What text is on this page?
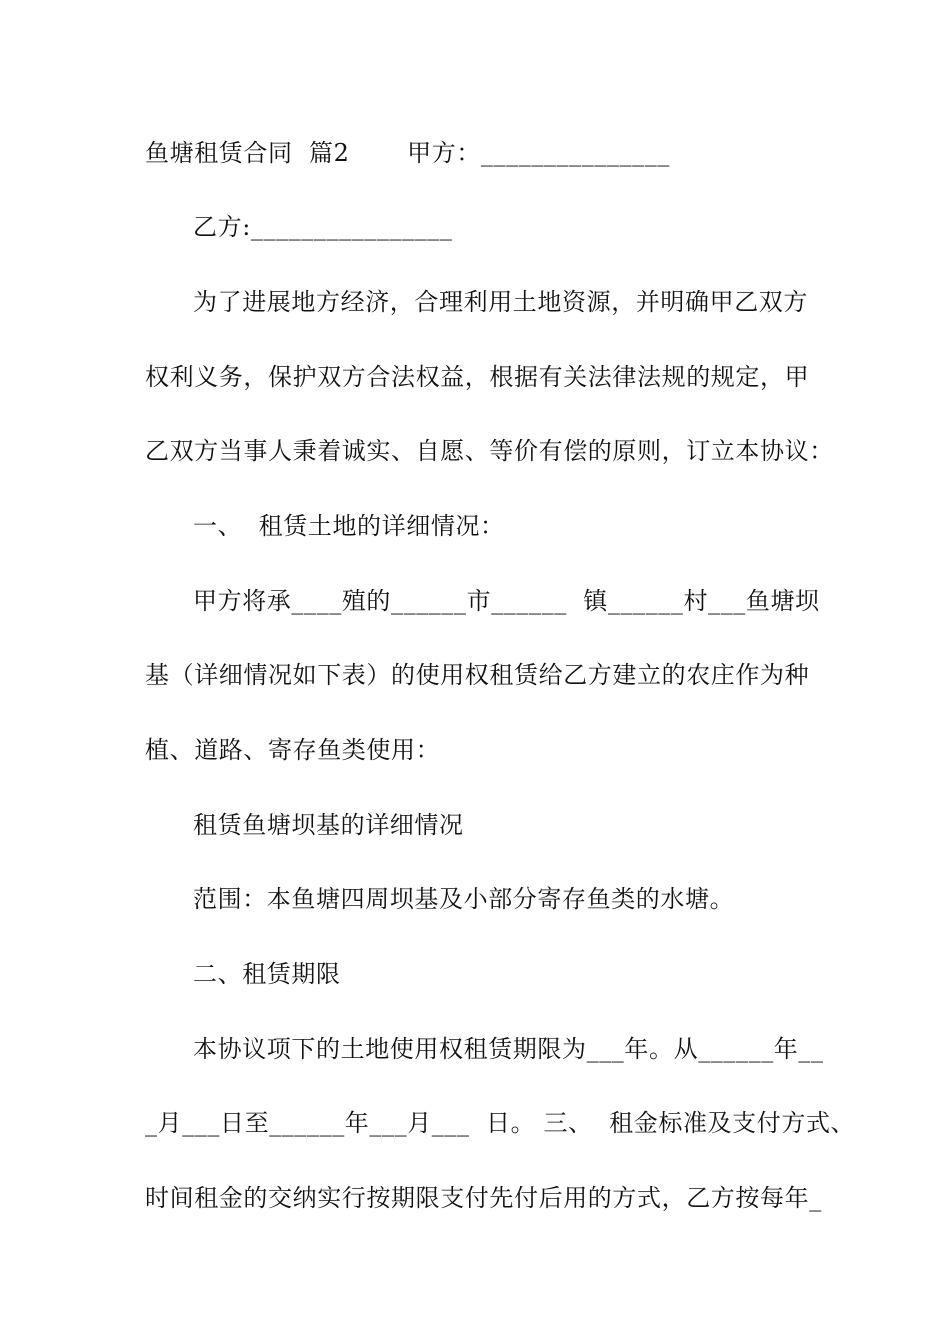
鱼塘租赁合同  篇2       甲方：_______________
乙方:________________
为了进展地方经济，合理利用土地资源，并明确甲乙双方
权利义务，保护双方合法权益，根据有关法律法规的规定，甲
乙双方当事人秉着诚实、自愿、等价有偿的原则，订立本协议：
一、  租赁土地的详细情况：
甲方将承____殖的______市______  镇______村___鱼塘坝
基（详细情况如下表）的使用权租赁给乙方建立的农庄作为种
植、道路、寄存鱼类使用：
租赁鱼塘坝基的详细情况
范围：本鱼塘四周坝基及小部分寄存鱼类的水塘。
二、租赁期限
本协议项下的土地使用权租赁期限为___年。从______年__
_月___日至______年___月___  日。 三、  租金标准及支付方式、
时间租金的交纳实行按期限支付先付后用的方式，乙方按每年_
